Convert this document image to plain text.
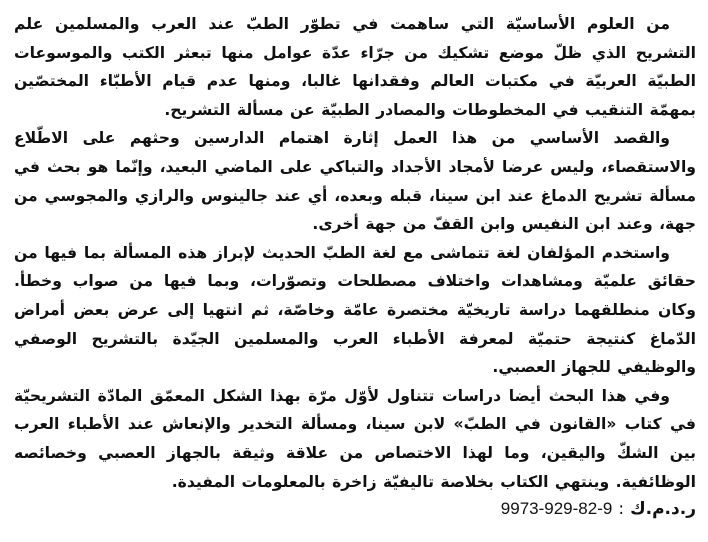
من العلوم الأساسيّة التي ساهمت في تطوّر الطبّ عند العرب والمسلمين علم التشريح الذي ظلّ موضع تشكيك من جرّاء عدّة عوامل منها تبعثر الكتب والموسوعات الطبيّة العربيّة في مكتبات العالم وفقدانها غالبا، ومنها عدم قيام الأطبّاء المختصّين بمهمّة التنقيب في المخطوطات والمصادر الطبيّة عن مسألة التشريح.

والقصد الأساسي من هذا العمل إثارة اهتمام الدارسين وحثهم على الاطّلاع والاستقصاء، وليس عرضا لأمجاد الأجداد والتباكي على الماضي البعيد، وإنّما هو بحث في مسألة تشريح الدماغ عند ابن سينا، قبله وبعده، أي عند جالينوس والرازي والمجوسي من جهة، وعند ابن النفيس وابن القفّ من جهة أخرى.

واستخدم المؤلفان لغة تتماشى مع لغة الطبّ الحديث لإبراز هذه المسألة بما فيها من حقائق علميّة ومشاهدات واختلاف مصطلحات وتصوّرات، وبما فيها من صواب وخطأ. وكان منطلقهما دراسة تاريخيّة مختصرة عامّة وخاصّة، ثم انتهيا إلى عرض بعض أمراض الدّماغ كنتيجة حتميّة لمعرفة الأطباء العرب والمسلمين الجيّدة بالتشريح الوصفي والوظيفي للجهاز العصبي.

وفي هذا البحث أيضا دراسات تتناول لأوّل مرّة بهذا الشكل المعمّق المادّة التشريحيّة في كتاب «القانون في الطبّ» لابن سينا، ومسألة التخدير والإنعاش عند الأطباء العرب بين الشكّ واليقين، وما لهذا الاختصاص من علاقة وثيقة بالجهاز العصبي وخصائصه الوظائفية. وينتهي الكتاب بخلاصة تاليفيّة زاخرة بالمعلومات المفيدة.

ر.د.م.ك:9973-929-82-9
